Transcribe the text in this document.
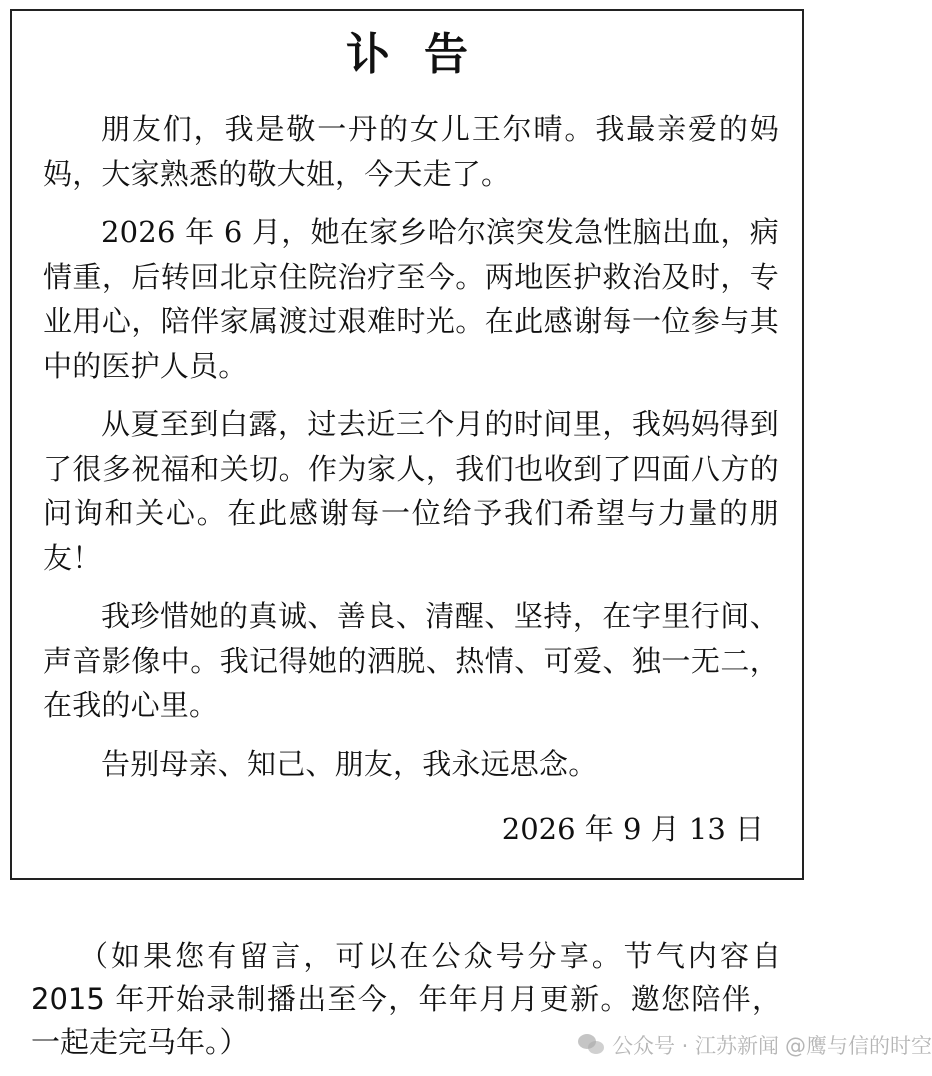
讣告

朋友们，我是敬一丹的女儿王尔晴。我最亲爱的妈妈，大家熟悉的敬大姐，今天走了。

2026 年 6 月，她在家乡哈尔滨突发急性脑出血，病情重，后转回北京住院治疗至今。两地医护救治及时，专业用心，陪伴家属渡过艰难时光。在此感谢每一位参与其中的医护人员。

从夏至到白露，过去近三个月的时间里，我妈妈得到了很多祝福和关切。作为家人，我们也收到了四面八方的问询和关心。在此感谢每一位给予我们希望与力量的朋友！

我珍惜她的真诚、善良、清醒、坚持，在字里行间、声音影像中。我记得她的洒脱、热情、可爱、独一无二，在我的心里。

告别母亲、知己、朋友，我永远思念。

2026 年 9 月 13 日
（如果您有留言，可以在公众号分享。节气内容自 2015 年开始录制播出至今，年年月月更新。邀您陪伴，一起走完马年。）	公众号 · 江苏新闻 @鹰与信的时空
